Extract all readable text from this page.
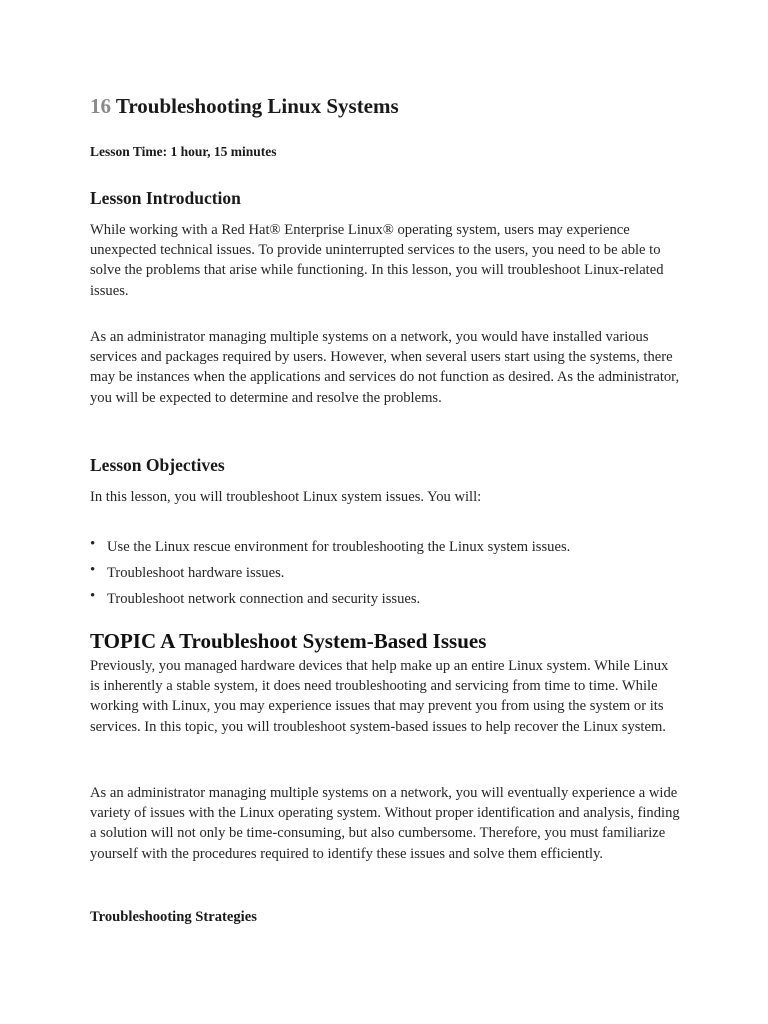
16 Troubleshooting Linux Systems

Lesson Time: 1 hour, 15 minutes

Lesson Introduction

While working with a Red Hat® Enterprise Linux® operating system, users may experience unexpected technical issues. To provide uninterrupted services to the users, you need to be able to solve the problems that arise while functioning. In this lesson, you will troubleshoot Linux-related issues.

As an administrator managing multiple systems on a network, you would have installed various services and packages required by users. However, when several users start using the systems, there may be instances when the applications and services do not function as desired. As the administrator, you will be expected to determine and resolve the problems.

Lesson Objectives

In this lesson, you will troubleshoot Linux system issues. You will:

• Use the Linux rescue environment for troubleshooting the Linux system issues.
• Troubleshoot hardware issues.
• Troubleshoot network connection and security issues.
TOPIC A Troubleshoot System-Based Issues

Previously, you managed hardware devices that help make up an entire Linux system. While Linux is inherently a stable system, it does need troubleshooting and servicing from time to time. While working with Linux, you may experience issues that may prevent you from using the system or its services. In this topic, you will troubleshoot system-based issues to help recover the Linux system.

As an administrator managing multiple systems on a network, you will eventually experience a wide variety of issues with the Linux operating system. Without proper identification and analysis, finding a solution will not only be time-consuming, but also cumbersome. Therefore, you must familiarize yourself with the procedures required to identify these issues and solve them efficiently.

Troubleshooting Strategies
